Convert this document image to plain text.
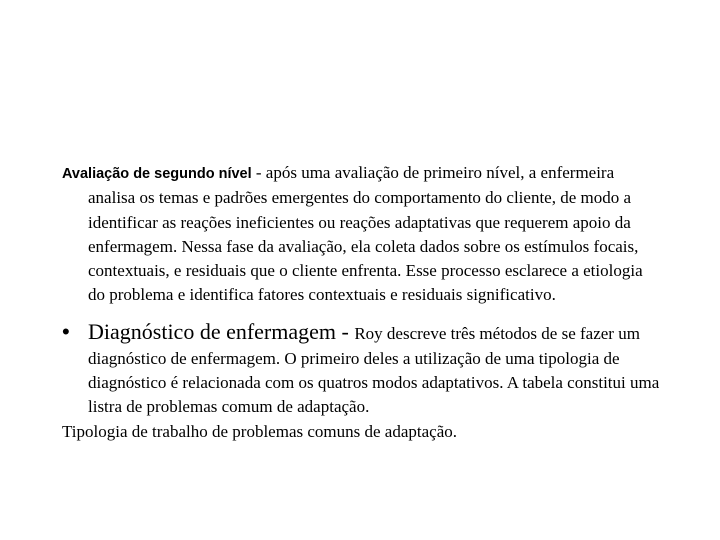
Avaliação de segundo nível - após uma avaliação de primeiro nível, a enfermeira analisa os temas e padrões emergentes do comportamento do cliente, de modo a identificar as reações ineficientes ou reações adaptativas que requerem apoio da enfermagem. Nessa fase da avaliação, ela coleta dados sobre os estímulos focais, contextuais, e residuais que o cliente enfrenta. Esse processo esclarece a etiologia do problema e identifica fatores contextuais e residuais significativo.

• Diagnóstico de enfermagem - Roy descreve três métodos de se fazer um diagnóstico de enfermagem. O primeiro deles a utilização de uma tipologia de diagnóstico é relacionada com os quatros modos adaptativos. A tabela constitui uma listra de problemas comum de adaptação.

Tipologia de trabalho de problemas comuns de adaptação.
